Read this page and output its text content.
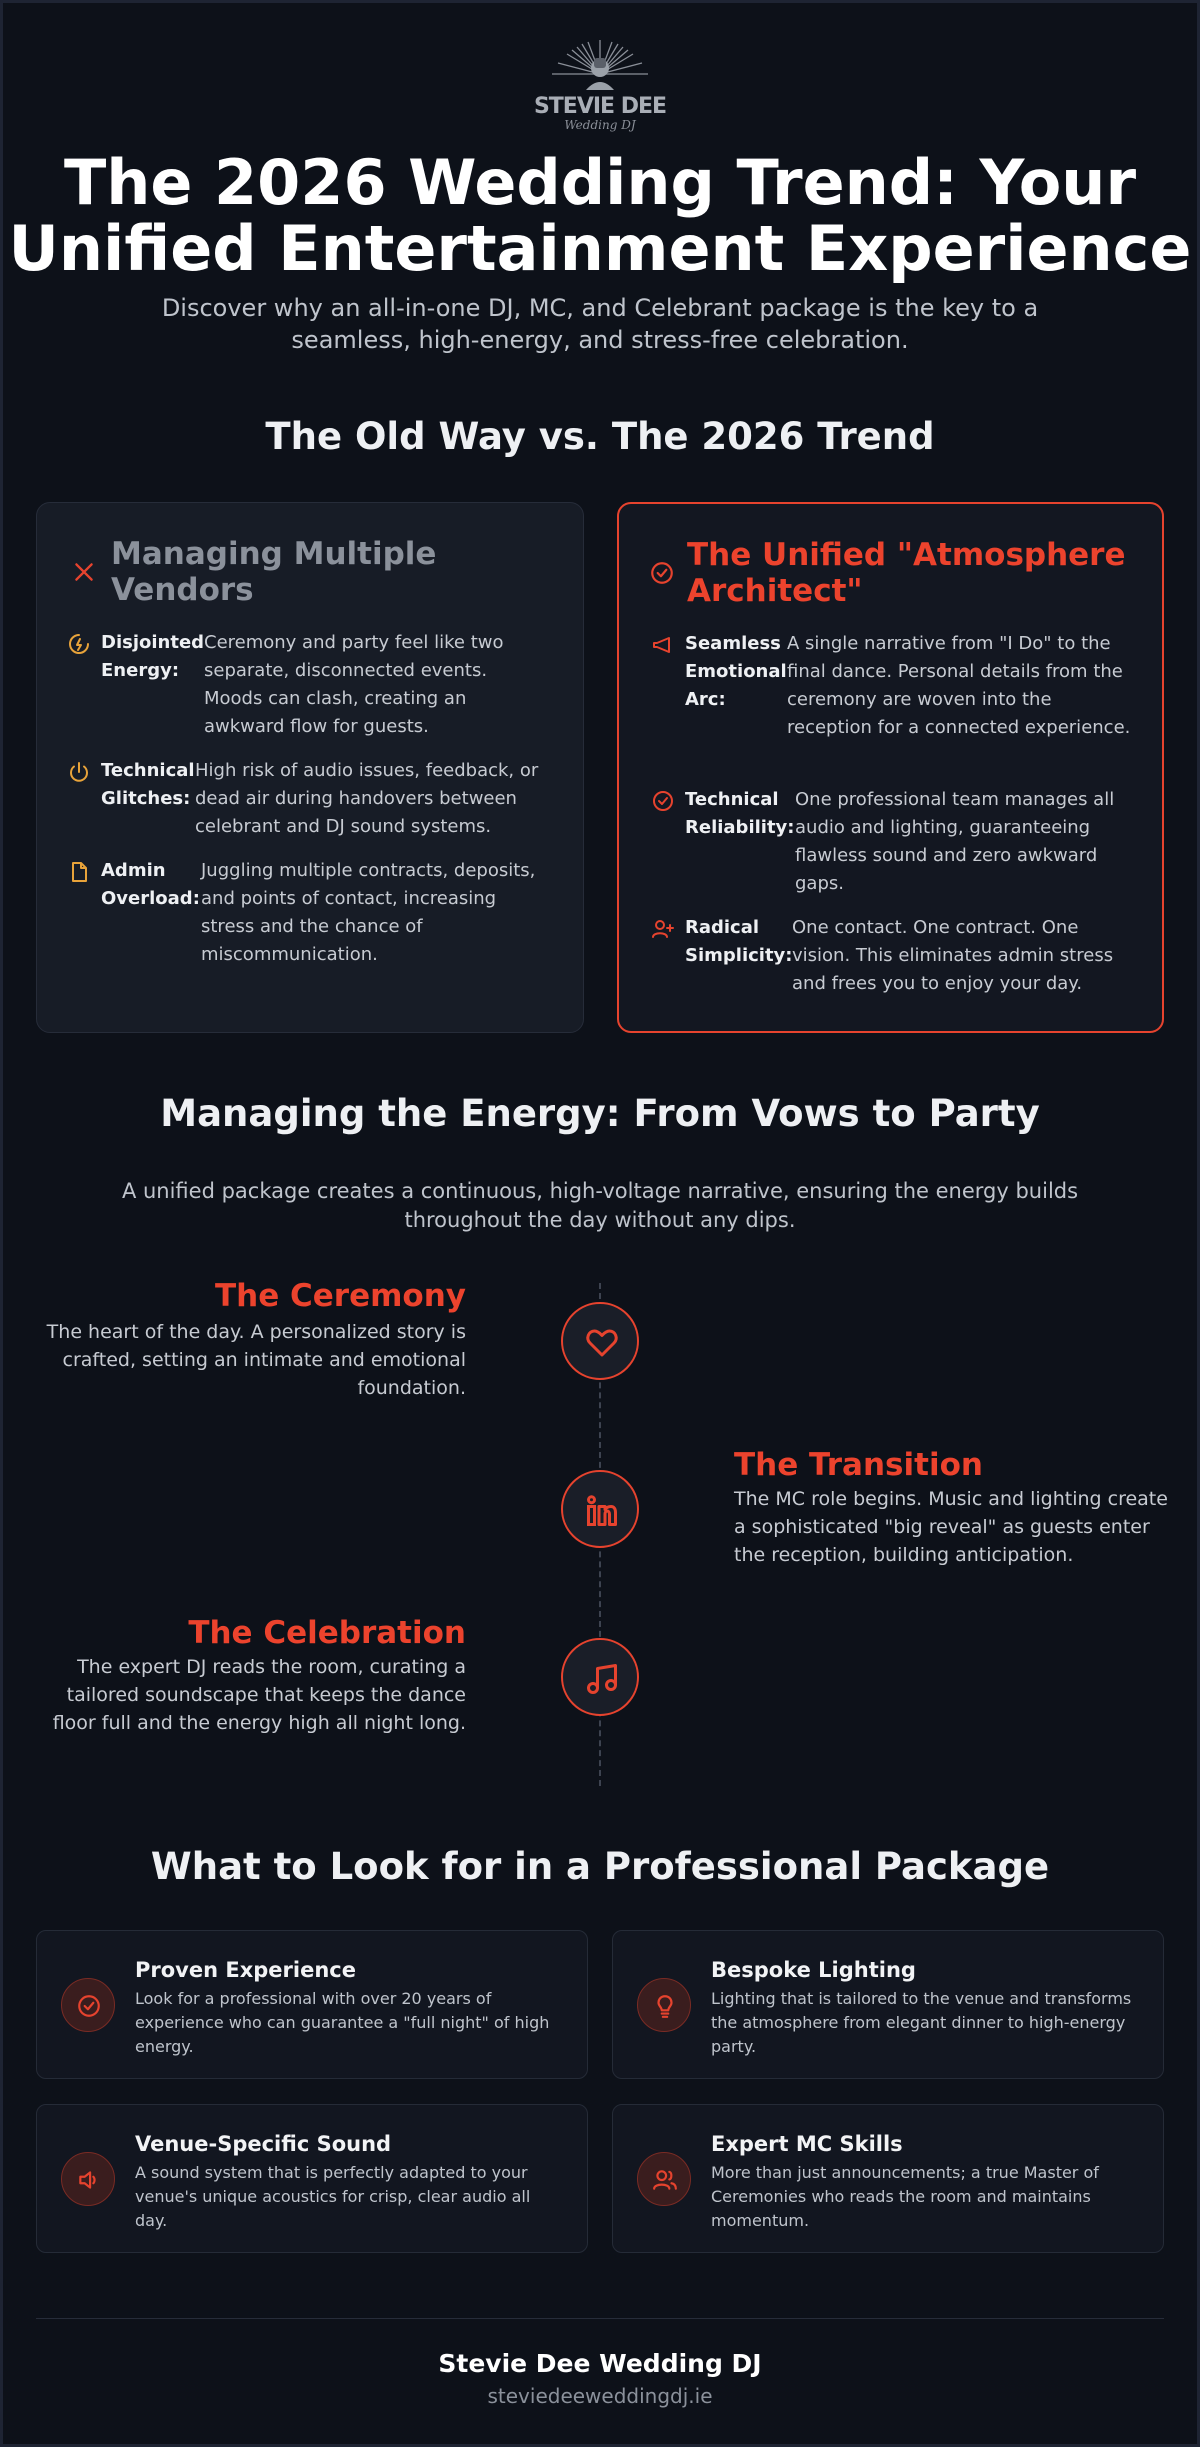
STEVIE DEE
Wedding DJ
The 2026 Wedding Trend: Your
Unified Entertainment Experience

Discover why an all-in-one DJ, MC, and Celebrant package is the key to a seamless, high-energy, and stress-free celebration.

The Old Way vs. The 2026 Trend
Managing Multiple Vendors
Disjointed
Energy:
Ceremony and party feel like two separate, disconnected events. Moods can clash, creating an awkward flow for guests.
Technical
Glitches:
High risk of audio issues, feedback, or dead air during handovers between celebrant and DJ sound systems.
Admin
Overload:
Juggling multiple contracts, deposits, and points of contact, increasing stress and the chance of miscommunication.
The Unified "Atmosphere Architect"
Seamless
Emotional
Arc:
A single narrative from "I Do" to the final dance. Personal details from the ceremony are woven into the reception for a connected experience.
Technical
Reliability:
One professional team manages all audio and lighting, guaranteeing flawless sound and zero awkward gaps.
Radical
Simplicity:
One contact. One contract. One vision. This eliminates admin stress and frees you to enjoy your day.
Managing the Energy: From Vows to Party

A unified package creates a continuous, high-voltage narrative, ensuring the energy builds throughout the day without any dips.

The Ceremony
The heart of the day. A personalized story is crafted, setting an intimate and emotional foundation.
The Transition
The MC role begins. Music and lighting create a sophisticated "big reveal" as guests enter the reception, building anticipation.
The Celebration
The expert DJ reads the room, curating a tailored soundscape that keeps the dance floor full and the energy high all night long.
What to Look for in a Professional Package
Proven Experience
Look for a professional with over 20 years of experience who can guarantee a "full night" of high energy.
Bespoke Lighting
Lighting that is tailored to the venue and transforms the atmosphere from elegant dinner to high-energy party.
Venue-Specific Sound
A sound system that is perfectly adapted to your venue's unique acoustics for crisp, clear audio all day.
Expert MC Skills
More than just announcements; a true Master of Ceremonies who reads the room and maintains momentum.
Stevie Dee Wedding DJ
steviedeeweddingdj.ie
